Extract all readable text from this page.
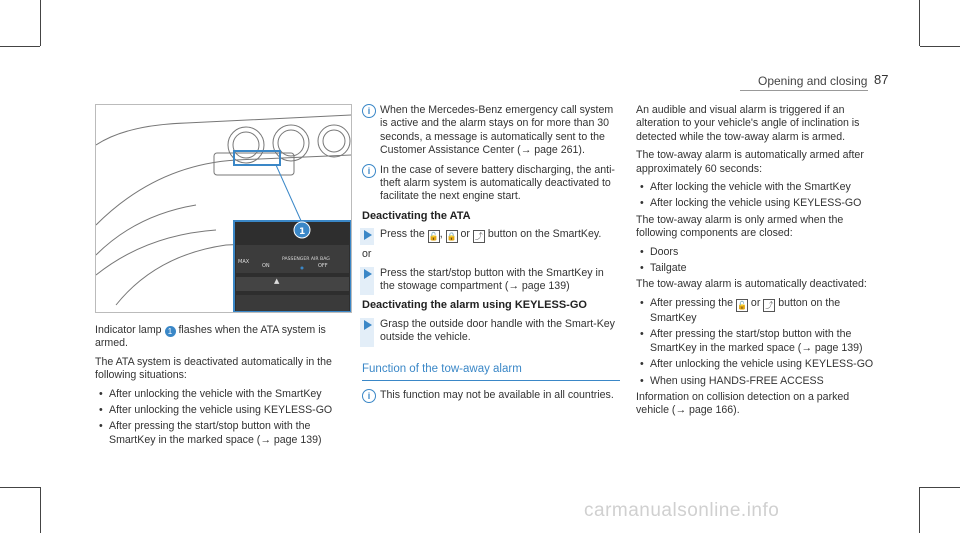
Opening and closing 87
▲
1
MAX
ON
PASSENGER AIR BAG
OFF

Indicator lamp 1 flashes when the ATA system is armed.

The ATA system is deactivated automatically in the following situations:

• After unlocking the vehicle with the SmartKey
• After unlocking the vehicle using KEYLESS-GO
• After pressing the start/stop button with the SmartKey in the marked space (→ page 139)
i When the Mercedes-Benz emergency call system is active and the alarm stays on for more than 30 seconds, a message is automatically sent to the Customer Assistance Center (→ page 261).
i In the case of severe battery discharging, the anti-theft alarm system is automatically deactivated to facilitate the next engine start.
Deactivating the ATA
Press the 🔓, 🔒 or ⤴ button on the SmartKey.

or

Press the start/stop button with the SmartKey in the stowage compartment (→ page 139)
Deactivating the alarm using KEYLESS-GO
Grasp the outside door handle with the Smart-Key outside the vehicle.
Function of the tow-away alarm
i This function may not be available in all countries.

An audible and visual alarm is triggered if an alteration to your vehicle's angle of inclination is detected while the tow-away alarm is armed.

The tow-away alarm is automatically armed after approximately 60 seconds:

• After locking the vehicle with the SmartKey
• After locking the vehicle using KEYLESS-GO

The tow-away alarm is only armed when the following components are closed:

• Doors
• Tailgate

The tow-away alarm is automatically deactivated:

• After pressing the 🔓 or ⤴ button on the SmartKey
• After pressing the start/stop button with the SmartKey in the marked space (→ page 139)
• After unlocking the vehicle using KEYLESS-GO
• When using HANDS-FREE ACCESS

Information on collision detection on a parked vehicle (→ page 166).

carmanualsonline.info
